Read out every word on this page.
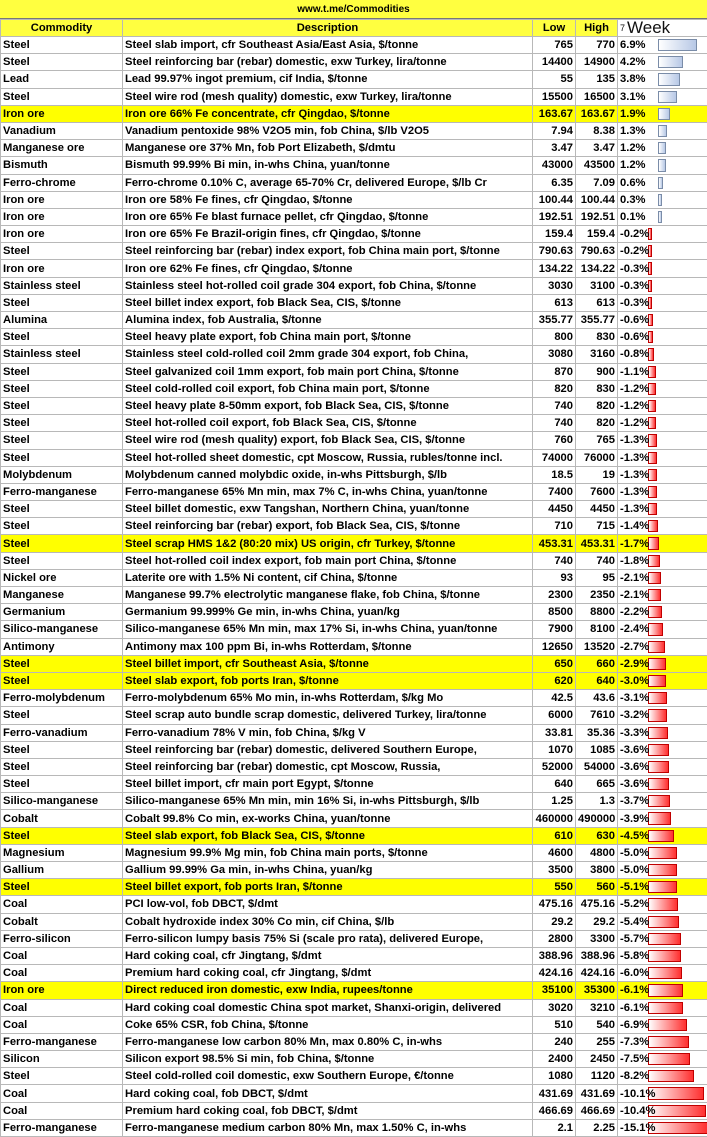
www.t.me/Commodities
Commodity	Description	Low	High	$^7$ Week
Steel	Steel slab import, cfr Southeast Asia/East Asia, $/tonne	765	770	6.9%
Steel	Steel reinforcing bar (rebar) domestic, exw Turkey, lira/tonne	14400	14900	4.2%
Lead	Lead 99.97% ingot premium, cif India, $/tonne	55	135	3.8%
Steel	Steel wire rod (mesh quality) domestic, exw Turkey, lira/tonne	15500	16500	3.1%
Iron ore	Iron ore 66% Fe concentrate, cfr Qingdao, $/tonne	163.67	163.67	1.9%
Vanadium	Vanadium pentoxide 98% V2O5 min, fob China, $/lb V2O5	7.94	8.38	1.3%
Manganese ore	Manganese ore 37% Mn, fob Port Elizabeth, $/dmtu	3.47	3.47	1.2%
Bismuth	Bismuth 99.99% Bi min, in-whs China, yuan/tonne	43000	43500	1.2%
Ferro-chrome	Ferro-chrome 0.10% C, average 65-70% Cr, delivered Europe, $/lb Cr	6.35	7.09	0.6%
Iron ore	Iron ore 58% Fe fines, cfr Qingdao, $/tonne	100.44	100.44	0.3%
Iron ore	Iron ore 65% Fe blast furnace pellet, cfr Qingdao, $/tonne	192.51	192.51	0.1%
Iron ore	Iron ore 65% Fe Brazil-origin fines, cfr Qingdao, $/tonne	159.4	159.4	-0.2%
Steel	Steel reinforcing bar (rebar) index export, fob China main port, $/tonne	790.63	790.63	-0.2%
Iron ore	Iron ore 62% Fe fines, cfr Qingdao, $/tonne	134.22	134.22	-0.3%
Stainless steel	Stainless steel hot-rolled coil grade 304 export, fob China, $/tonne	3030	3100	-0.3%
Steel	Steel billet index export, fob Black Sea, CIS, $/tonne	613	613	-0.3%
Alumina	Alumina index, fob Australia, $/tonne	355.77	355.77	-0.6%
Steel	Steel heavy plate export, fob China main port, $/tonne	800	830	-0.6%
Stainless steel	Stainless steel cold-rolled coil 2mm grade 304 export, fob China,	3080	3160	-0.8%
Steel	Steel galvanized coil 1mm export, fob main port China, $/tonne	870	900	-1.1%
Steel	Steel cold-rolled coil export, fob China main port, $/tonne	820	830	-1.2%
Steel	Steel heavy plate 8-50mm export, fob Black Sea, CIS, $/tonne	740	820	-1.2%
Steel	Steel hot-rolled coil export, fob Black Sea, CIS, $/tonne	740	820	-1.2%
Steel	Steel wire rod (mesh quality) export, fob Black Sea, CIS, $/tonne	760	765	-1.3%
Steel	Steel hot-rolled sheet domestic, cpt Moscow, Russia, rubles/tonne incl.	74000	76000	-1.3%
Molybdenum	Molybdenum canned molybdic oxide, in-whs Pittsburgh, $/lb	18.5	19	-1.3%
Ferro-manganese	Ferro-manganese 65% Mn min, max 7% C, in-whs China, yuan/tonne	7400	7600	-1.3%
Steel	Steel billet domestic, exw Tangshan, Northern China, yuan/tonne	4450	4450	-1.3%
Steel	Steel reinforcing bar (rebar) export, fob Black Sea, CIS, $/tonne	710	715	-1.4%
Steel	Steel scrap HMS 1&2 (80:20 mix) US origin, cfr Turkey, $/tonne	453.31	453.31	-1.7%
Steel	Steel hot-rolled coil index export, fob main port China, $/tonne	740	740	-1.8%
Nickel ore	Laterite ore with 1.5% Ni content, cif China, $/tonne	93	95	-2.1%
Manganese	Manganese 99.7% electrolytic manganese flake, fob China, $/tonne	2300	2350	-2.1%
Germanium	Germanium 99.999% Ge min, in-whs China, yuan/kg	8500	8800	-2.2%
Silico-manganese	Silico-manganese 65% Mn min, max 17% Si, in-whs China, yuan/tonne	7900	8100	-2.4%
Antimony	Antimony max 100 ppm Bi, in-whs Rotterdam, $/tonne	12650	13520	-2.7%
Steel	Steel billet import, cfr Southeast Asia, $/tonne	650	660	-2.9%
Steel	Steel slab export, fob ports Iran, $/tonne	620	640	-3.0%
Ferro-molybdenum	Ferro-molybdenum 65% Mo min, in-whs Rotterdam, $/kg Mo	42.5	43.6	-3.1%
Steel	Steel scrap auto bundle scrap domestic, delivered Turkey, lira/tonne	6000	7610	-3.2%
Ferro-vanadium	Ferro-vanadium 78% V min, fob China, $/kg V	33.81	35.36	-3.3%
Steel	Steel reinforcing bar (rebar) domestic, delivered Southern Europe,	1070	1085	-3.6%
Steel	Steel reinforcing bar (rebar) domestic, cpt Moscow, Russia,	52000	54000	-3.6%
Steel	Steel billet import, cfr main port Egypt, $/tonne	640	665	-3.6%
Silico-manganese	Silico-manganese 65% Mn min, min 16% Si, in-whs Pittsburgh, $/lb	1.25	1.3	-3.7%
Cobalt	Cobalt 99.8% Co min, ex-works China, yuan/tonne	460000	490000	-3.9%
Steel	Steel slab export, fob Black Sea, CIS, $/tonne	610	630	-4.5%
Magnesium	Magnesium 99.9% Mg min, fob China main ports, $/tonne	4600	4800	-5.0%
Gallium	Gallium 99.99% Ga min, in-whs China, yuan/kg	3500	3800	-5.0%
Steel	Steel billet export, fob ports Iran, $/tonne	550	560	-5.1%
Coal	PCI low-vol, fob DBCT, $/dmt	475.16	475.16	-5.2%
Cobalt	Cobalt hydroxide index 30% Co min, cif China, $/lb	29.2	29.2	-5.4%
Ferro-silicon	Ferro-silicon lumpy basis 75% Si (scale pro rata), delivered Europe,	2800	3300	-5.7%
Coal	Hard coking coal, cfr Jingtang, $/dmt	388.96	388.96	-5.8%
Coal	Premium hard coking coal, cfr Jingtang, $/dmt	424.16	424.16	-6.0%
Iron ore	Direct reduced iron domestic, exw India, rupees/tonne	35100	35300	-6.1%
Coal	Hard coking coal domestic China spot market, Shanxi-origin, delivered	3020	3210	-6.1%
Coal	Coke 65% CSR, fob China, $/tonne	510	540	-6.9%
Ferro-manganese	Ferro-manganese low carbon 80% Mn, max 0.80% C, in-whs	240	255	-7.3%
Silicon	Silicon export 98.5% Si min, fob China, $/tonne	2400	2450	-7.5%
Steel	Steel cold-rolled coil domestic, exw Southern Europe, €/tonne	1080	1120	-8.2%
Coal	Hard coking coal, fob DBCT, $/dmt	431.69	431.69	-10.1%
Coal	Premium hard coking coal, fob DBCT, $/dmt	466.69	466.69	-10.4%
Ferro-manganese	Ferro-manganese medium carbon 80% Mn, max 1.50% C, in-whs	2.1	2.25	-15.1%
